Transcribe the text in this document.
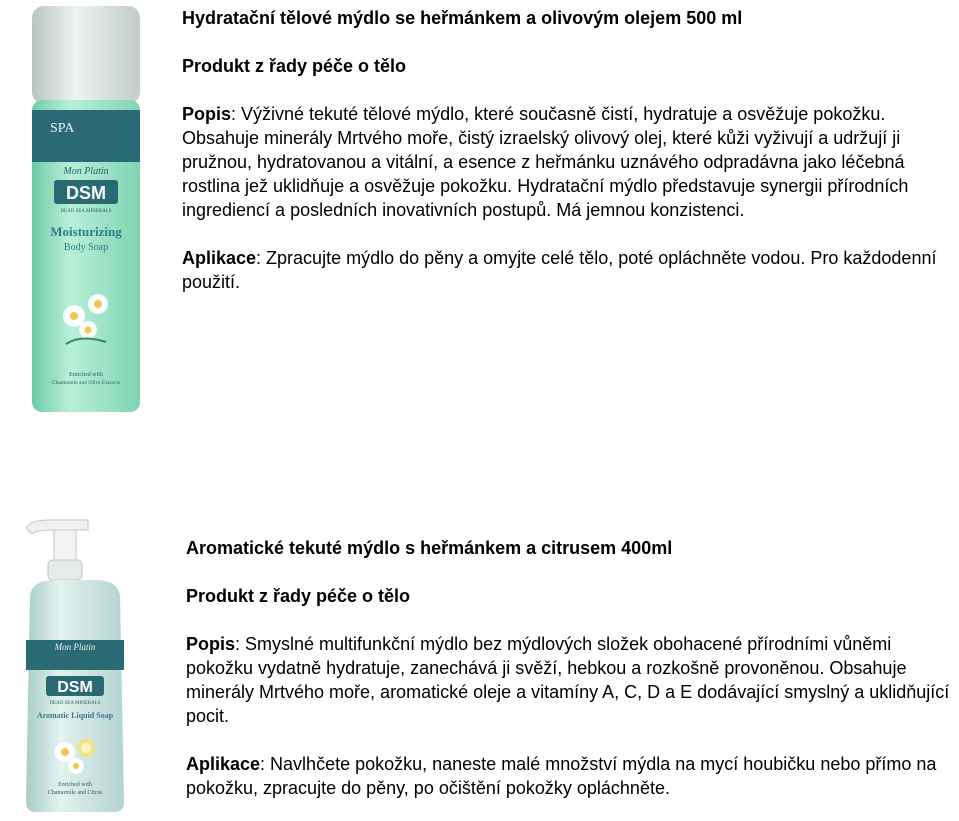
SPA
Mon Platin
DSM
DEAD SEA MINERALS
Moisturizing
Body Soap
Enriched with
Chamomile and Olive Extracts

Hydratační tělové mýdlo se heřmánkem a olivovým olejem 500 ml

Produkt z řady péče o tělo

Popis: Výživné tekuté tělové mýdlo, které současně čistí, hydratuje a osvěžuje pokožku. Obsahuje minerály Mrtvého moře, čistý izraelský olivový olej, které kůži vyživují a udržují ji pružnou, hydratovanou a vitální, a esence z heřmánku uznávého odpradávna jako léčebná rostlina jež uklidňuje a osvěžuje pokožku. Hydratační mýdlo představuje synergii přírodních ingrediencí a posledních inovativních postupů. Má jemnou konzistenci.

Aplikace: Zpracujte mýdlo do pěny a omyjte celé tělo, poté opláchněte vodou. Pro každodenní použití.

Mon Platin
DSM
DEAD SEA MINERALS
Aromatic Liquid Soap
Enriched with
Chamomile and Citrus

Aromatické tekuté mýdlo s heřmánkem a citrusem 400ml

Produkt z řady péče o tělo

Popis: Smyslné multifunkční mýdlo bez mýdlových složek obohacené přírodními vůněmi pokožku vydatně hydratuje, zanechává ji svěží, hebkou a rozkošně provoněnou. Obsahuje minerály Mrtvého moře, aromatické oleje a vitamíny A, C, D a E dodávající smyslný a uklidňující pocit.

Aplikace: Navlhčete pokožku, naneste malé množství mýdla na mycí houbičku nebo přímo na pokožku, zpracujte do pěny, po očištění pokožky opláchněte.
